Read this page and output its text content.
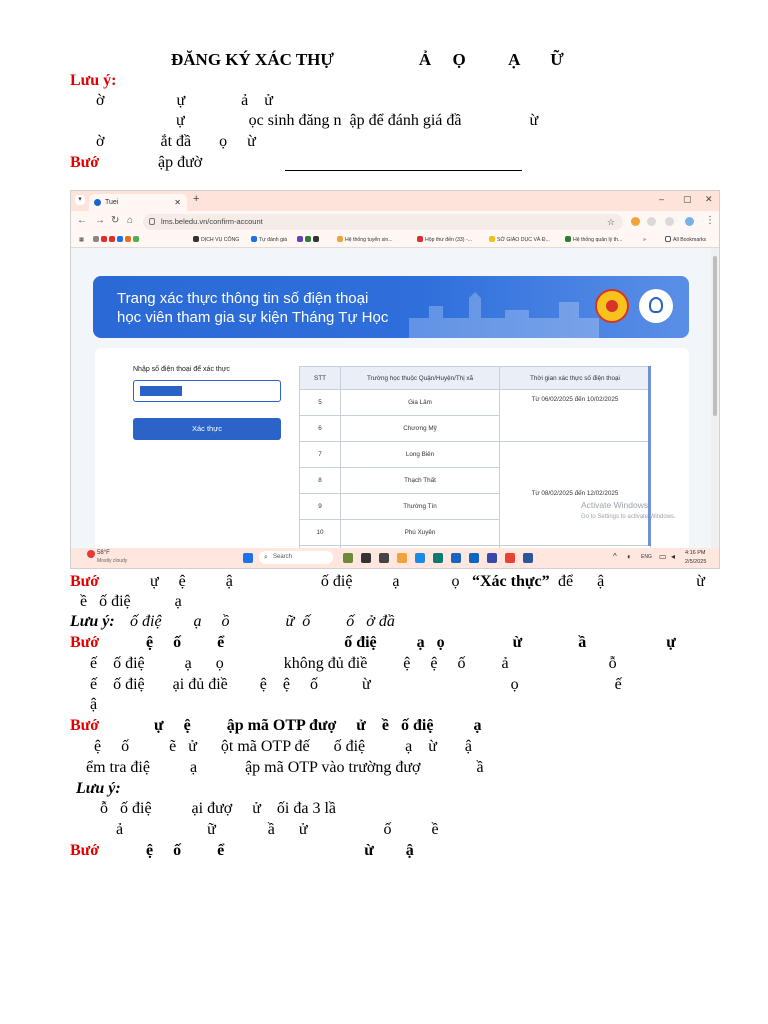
ĐĂNG KÝ XÁC THỰ                    Ả     Ọ          Ạ       Ữ
Lưu ý:
ờ                  ự              ả    ử
ự                ọc sinh đăng n  ập để đánh giá đầ                 ừ
ờ              ắt đầ       ọ     ừ
Bướ	ập đườ
▾	Tuei	✕ +	– ▢ ✕
← → ↻ ⌂	lms.beledu.vn/confirm-account	☆	⋮
▦	DỊCH VỤ CÔNG	Tự đánh giá	Hệ thống tuyển sin...	Hộp thư đến (33) -...	SỞ GIÁO DỤC VÀ Đ...	Hệ thống quản lý th...	»	All Bookmarks
Trang xác thực thông tin số điện thoại
học viên tham gia sự kiện Tháng Tự Học
Nhập số điện thoại để xác thực
0000000000
Xác thực
STT	Trường học thuộc Quận/Huyện/Thị xã	Thời gian xác thực số điện thoại
5	Gia Lâm	Từ 06/02/2025 đến 10/02/2025
6	Chương Mỹ	
7	Long Biên	Từ 08/02/2025 đến 12/02/2025
8	Thạch Thất	
9	Thường Tín	
10	Phú Xuyên	

Activate Windows
Go to Settings to activate Windows.
58°F
Mostly cloudy	⌕ Search	^ ◐ ENG ▭ ◂ 4:16 PM
2/5/2025
Bướ	ự     ệ          ậ                      ố điệ          ạ             ọ “Xác thực” để      ậ                       ừ
ề   ố điệ           ạ
Lưu ý: ố điệ        ạ     ồ              ữ  ố         ố   ở đầ
Bướ	ệ     ố         ể                              ố điệ          ạ   ọ                 ừ              ầ                    ự
ế    ố điệ          ạ      ọ               không đủ điề         ệ     ệ     ố         ả                         ỗ
ế    ố điệ       ại đủ điề        ệ    ệ     ố           ừ                                   ọ                        ế
ậ
Bướ	ự     ệ         ập mã OTP đượ     ử    ề   ố điệ          ạ
ệ     ố          ẽ   ử      ột mã OTP đế      ố điệ          ạ    ừ       ậ
ểm tra điệ          ạ            ập mã OTP vào trường đượ              ầ
Lưu ý:
ỗ   ố điệ          ại đượ     ử    ối đa 3 lầ
ả                     ữ             ầ      ử                   ố          ề
Bướ	ệ     ố         ể                                   ừ        ậ
